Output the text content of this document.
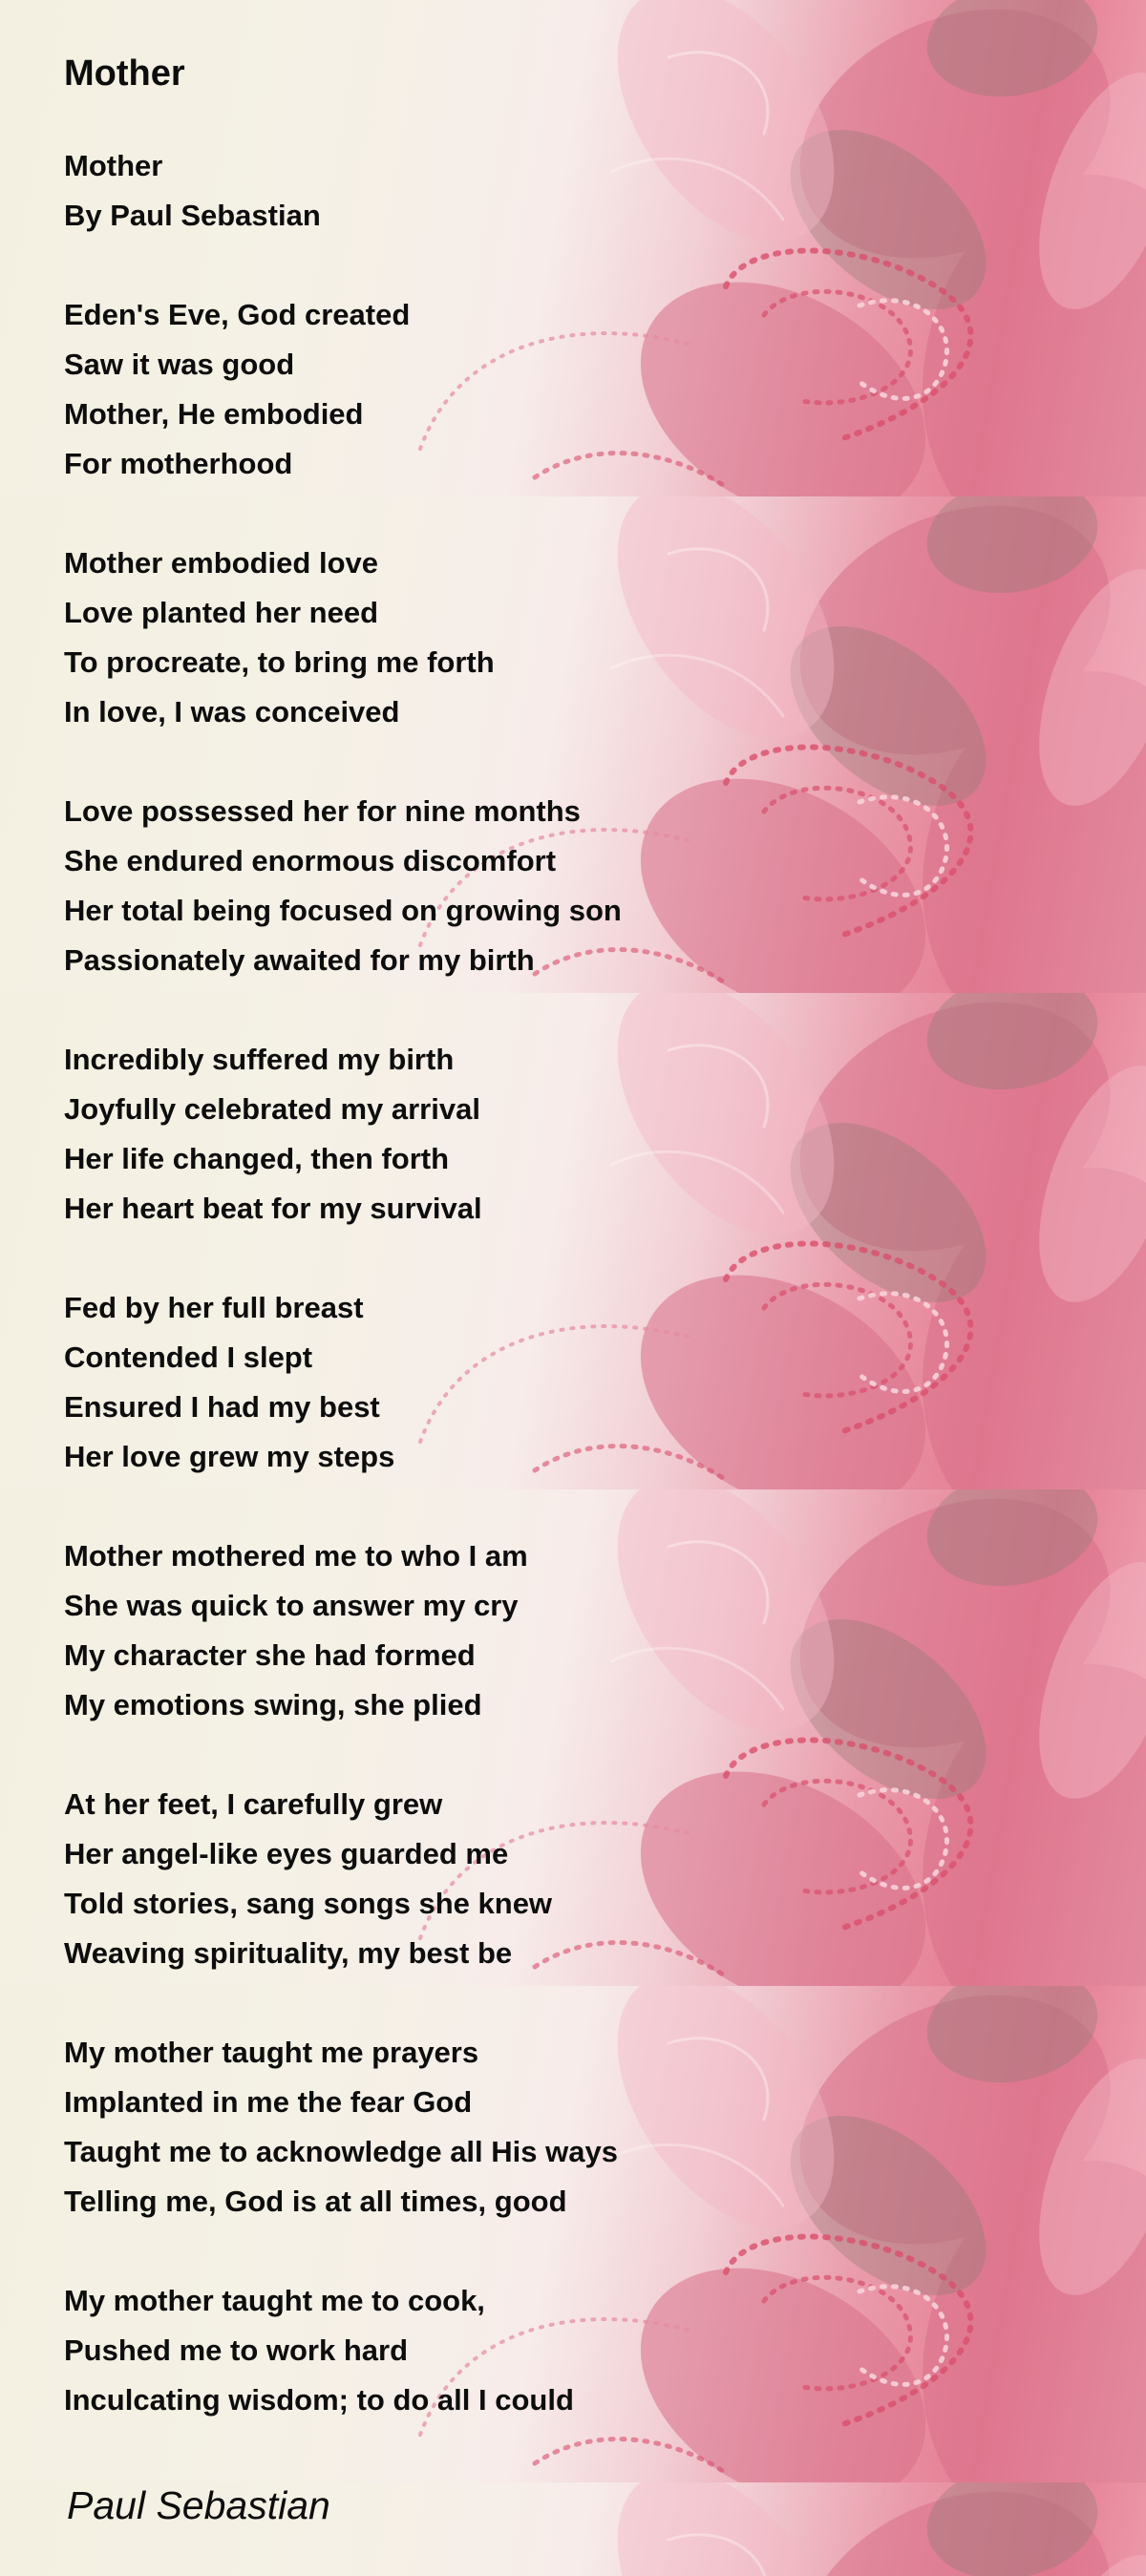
Mother
Mother
By Paul Sebastian
Eden's Eve, God created
Saw it was good
Mother, He embodied
For motherhood
Mother embodied love
Love planted her need
To procreate, to bring me forth
In love, I was conceived
Love possessed her for nine months
She endured enormous discomfort
Her total being focused on growing son
Passionately awaited for my birth
Incredibly suffered my birth
Joyfully celebrated my arrival
Her life changed, then forth
Her heart beat for my survival
Fed by her full breast
Contended I slept
Ensured I had my best
Her love grew my steps
Mother mothered me to who I am
She was quick to answer my cry
My character she had formed
My emotions swing, she plied
At her feet, I carefully grew
Her angel-like eyes guarded me
Told stories, sang songs she knew
Weaving spirituality, my best be
My mother taught me prayers
Implanted in me the fear God
Taught me to acknowledge all His ways
Telling me, God is at all times, good
My mother taught me to cook,
Pushed me to work hard
Inculcating wisdom; to do all I could
Paul Sebastian
